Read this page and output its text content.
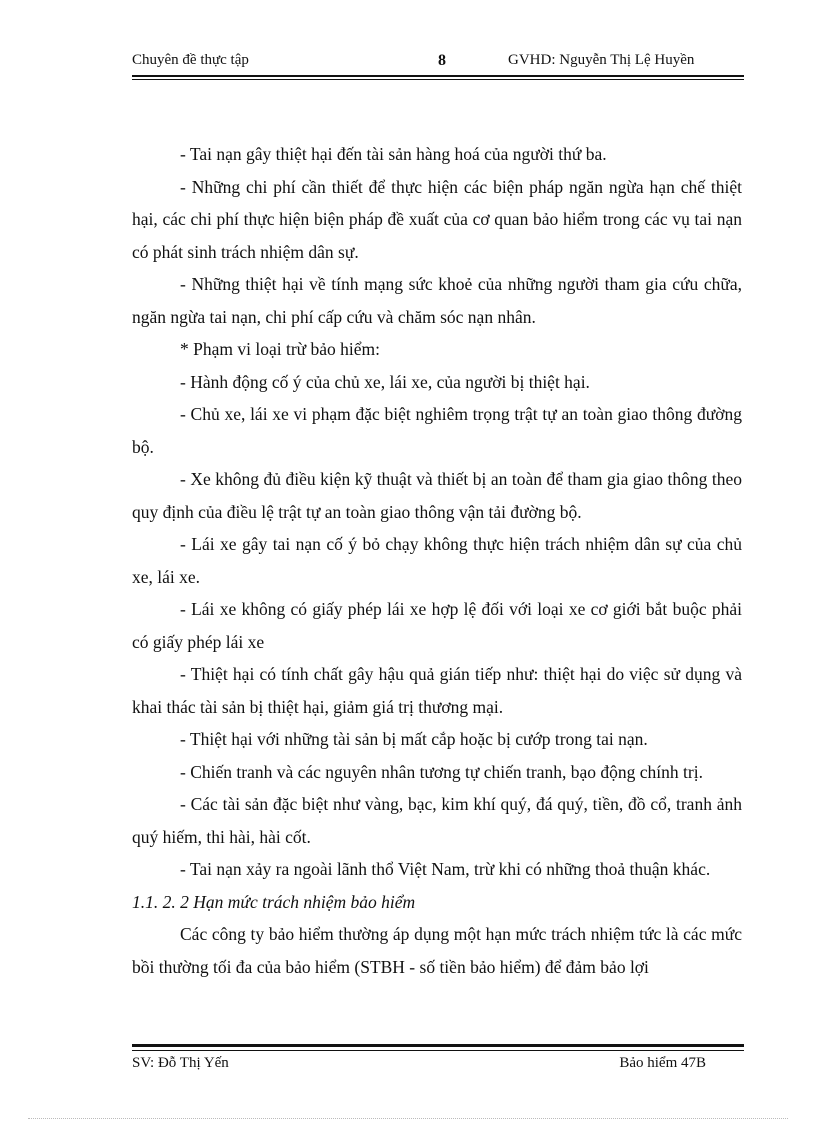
Chuyên đề thực tập	8	GVHD: Nguyễn Thị Lệ Huyền

- Tai nạn gây thiệt hại đến tài sản hàng hoá của người thứ ba.

- Những chi phí cần thiết để thực hiện các biện pháp ngăn ngừa hạn chế thiệt hại, các chi phí thực hiện biện pháp đề xuất của cơ quan bảo hiểm trong các vụ tai nạn có phát sinh trách nhiệm dân sự.

- Những thiệt hại về tính mạng sức khoẻ của những người tham gia cứu chữa, ngăn ngừa tai nạn, chi phí cấp cứu và chăm sóc nạn nhân.

* Phạm vi loại trừ bảo hiểm:

- Hành động cố ý của chủ xe, lái xe, của người bị thiệt hại.

- Chủ xe, lái xe vi phạm đặc biệt nghiêm trọng trật tự an toàn giao thông đường bộ.

- Xe không đủ điều kiện kỹ thuật và thiết bị an toàn để tham gia giao thông theo quy định của điều lệ trật tự an toàn giao thông vận tải đường bộ.

- Lái xe gây tai nạn cố ý bỏ chạy không thực hiện trách nhiệm dân sự của chủ xe, lái xe.

- Lái xe không có giấy phép lái xe hợp lệ đối với loại xe cơ giới bắt buộc phải có giấy phép lái xe

- Thiệt hại có tính chất gây hậu quả gián tiếp như: thiệt hại do việc sử dụng và khai thác tài sản bị thiệt hại, giảm giá trị thương mại.

- Thiệt hại với những tài sản bị mất cắp hoặc bị cướp trong tai nạn.

- Chiến tranh và các nguyên nhân tương tự chiến tranh, bạo động chính trị.

- Các tài sản đặc biệt như vàng, bạc, kim khí quý, đá quý, tiền, đồ cổ, tranh ảnh quý hiếm, thi hài, hài cốt.

- Tai nạn xảy ra ngoài lãnh thổ Việt Nam, trừ khi có những thoả thuận khác.

1.1. 2. 2 Hạn mức trách nhiệm bảo hiểm

Các công ty bảo hiểm thường áp dụng một hạn mức trách nhiệm tức là các mức bồi thường tối đa của bảo hiểm (STBH - số tiền bảo hiểm) để đảm bảo lợi

SV: Đỗ Thị Yến	Bảo hiểm 47B
